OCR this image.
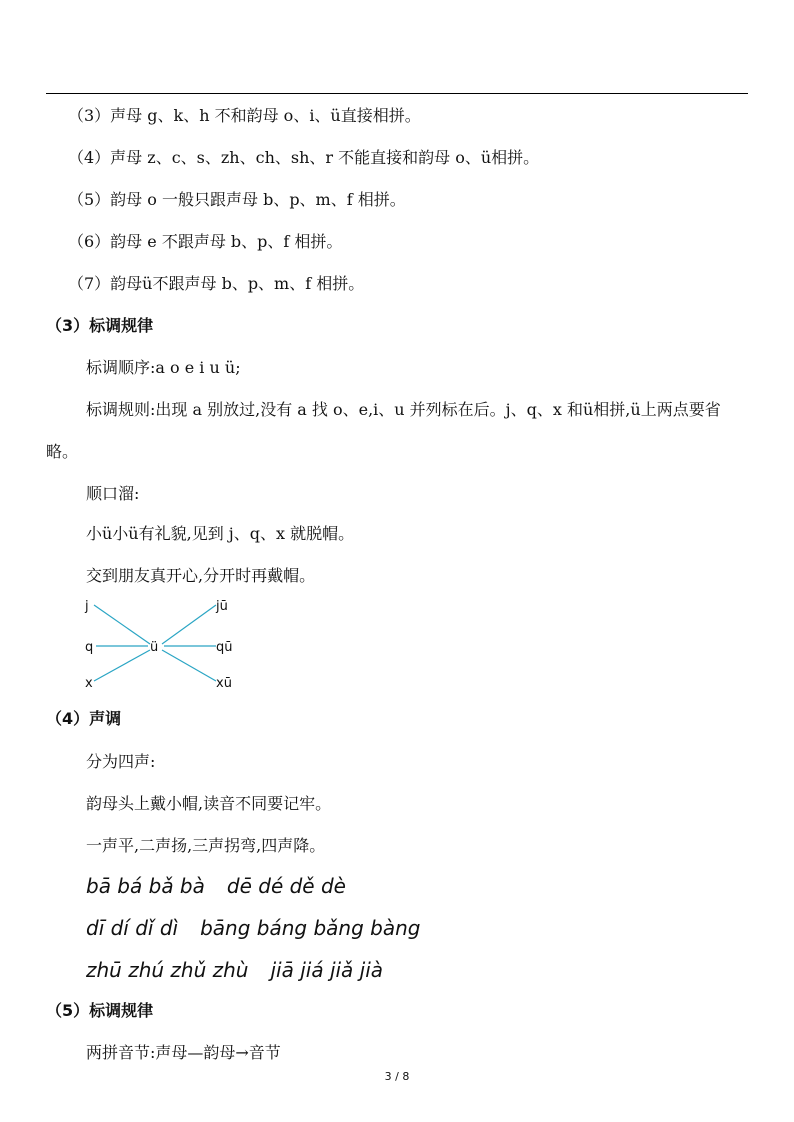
（3）声母 g、k、h 不和韵母 o、i、ü直接相拼。
（4）声母 z、c、s、zh、ch、sh、r 不能直接和韵母 o、ü相拼。
（5）韵母 o 一般只跟声母 b、p、m、f 相拼。
（6）韵母 e 不跟声母 b、p、f 相拼。
（7）韵母ü不跟声母 b、p、m、f 相拼。
（3）标调规律
标调顺序:a o e i u ü;
标调规则:出现 a 别放过,没有 a 找 o、e,i、u 并列标在后。j、q、x 和ü相拼,ü上两点要省略。
顺口溜:
小ü小ü有礼貌,见到 j、q、x 就脱帽。
交到朋友真开心,分开时再戴帽。
j
q
x
ü
jū
qū
xū
（4）声调
分为四声:
韵母头上戴小帽,读音不同要记牢。
一声平,二声扬,三声拐弯,四声降。
bā bá bǎ bà dē dé dě dè
dī dí dǐ dì bāng báng bǎng bàng
zhū zhú zhǔ zhù jiā jiá jiǎ jià
（5）标调规律
两拼音节:声母—韵母→音节
3 / 8
